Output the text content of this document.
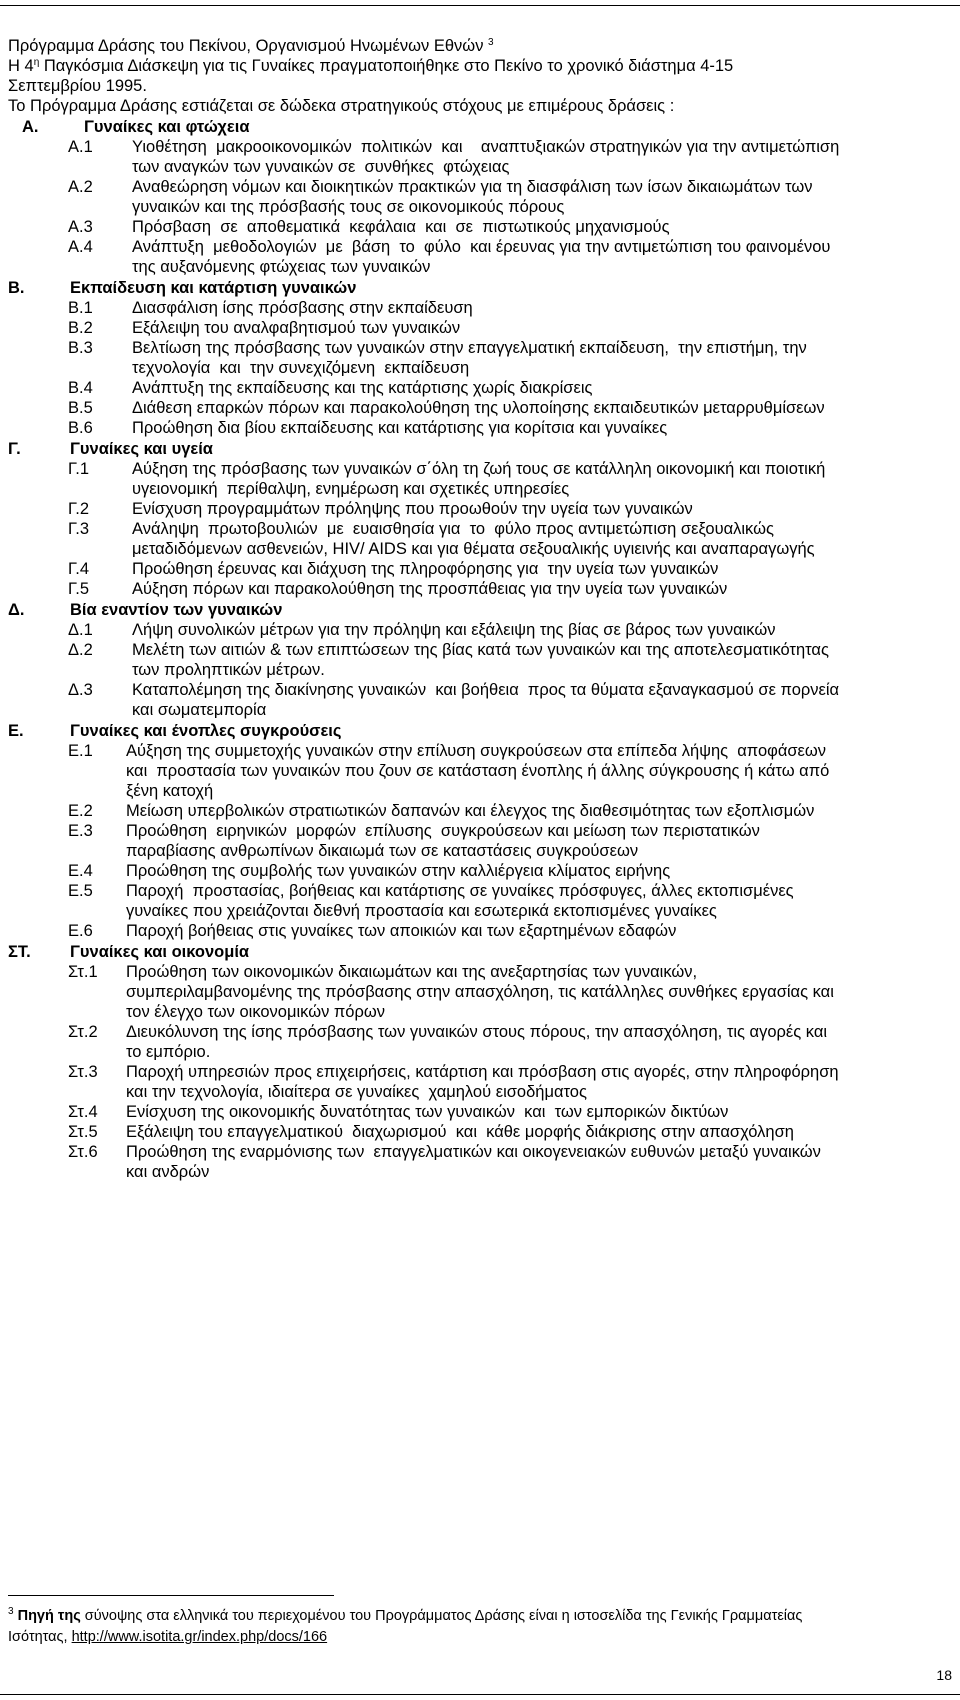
Πρόγραμμα Δράσης του Πεκίνου, Οργανισμού Ηνωμένων Εθνών $^3$
Η $4^\eta$ Παγκόσμια Διάσκεψη για τις Γυναίκες πραγματοποιήθηκε στο Πεκίνο το χρονικό διάστημα 4-15
Σεπτεμβρίου 1995.
Το Πρόγραμμα Δράσης εστιάζεται σε δώδεκα στρατηγικούς στόχους με επιμέρους δράσεις :
Α.	Γυναίκες και φτώχεια
Α.1	Υιοθέτηση  μακροοικονομικών  πολιτικών  και    αναπτυξιακών στρατηγικών για την αντιμετώπιση
των αναγκών των γυναικών σε  συνθήκες  φτώχειας
Α.2	Αναθεώρηση νόμων και διοικητικών πρακτικών για τη διασφάλιση των ίσων δικαιωμάτων των
γυναικών και της πρόσβασής τους σε οικονομικούς πόρους
Α.3	Πρόσβαση  σε  αποθεματικά  κεφάλαια  και  σε  πιστωτικούς μηχανισμούς
Α.4	Ανάπτυξη  μεθοδολογιών  με  βάση  το  φύλο  και έρευνας για την αντιμετώπιση του φαινομένου
της αυξανόμενης φτώχειας των γυναικών
Β.	Εκπαίδευση και κατάρτιση γυναικών
Β.1	Διασφάλιση ίσης πρόσβασης στην εκπαίδευση
Β.2	Εξάλειψη του αναλφαβητισμού των γυναικών
Β.3	Βελτίωση της πρόσβασης των γυναικών στην επαγγελματική εκπαίδευση,  την επιστήμη, την
τεχνολογία  και  την συνεχιζόμενη  εκπαίδευση
Β.4	Ανάπτυξη της εκπαίδευσης και της κατάρτισης χωρίς διακρίσεις
Β.5	Διάθεση επαρκών πόρων και παρακολούθηση της υλοποίησης εκπαιδευτικών μεταρρυθμίσεων
Β.6	Προώθηση δια βίου εκπαίδευσης και κατάρτισης για κορίτσια και γυναίκες
Γ.	Γυναίκες και υγεία
Γ.1	Αύξηση της πρόσβασης των γυναικών σ΄όλη τη ζωή τους σε κατάλληλη οικονομική και ποιοτική
υγειονομική  περίθαλψη, ενημέρωση και σχετικές υπηρεσίες
Γ.2	Ενίσχυση προγραμμάτων πρόληψης που προωθούν την υγεία των γυναικών
Γ.3	Ανάληψη  πρωτοβουλιών  με  ευαισθησία για  το  φύλο προς αντιμετώπιση σεξουαλικώς
μεταδιδόμενων ασθενειών, HIV/ AIDS και για θέματα σεξουαλικής υγιεινής και αναπαραγωγής
Γ.4	Προώθηση έρευνας και διάχυση της πληροφόρησης για  την υγεία των γυναικών
Γ.5	Αύξηση πόρων και παρακολούθηση της προσπάθειας για την υγεία των γυναικών
Δ.	Βία εναντίον των γυναικών
Δ.1	Λήψη συνολικών μέτρων για την πρόληψη και εξάλειψη της βίας σε βάρος των γυναικών
Δ.2	Μελέτη των αιτιών & των επιπτώσεων της βίας κατά των γυναικών και της αποτελεσματικότητας
των προληπτικών μέτρων.
Δ.3	Καταπολέμηση της διακίνησης γυναικών  και βοήθεια  προς τα θύματα εξαναγκασμού σε πορνεία
και σωματεμπορία
Ε.	Γυναίκες και ένοπλες συγκρούσεις
Ε.1	Αύξηση της συμμετοχής γυναικών στην επίλυση συγκρούσεων στα επίπεδα λήψης  αποφάσεων
και  προστασία των γυναικών που ζουν σε κατάσταση ένοπλης ή άλλης σύγκρουσης ή κάτω από
ξένη κατοχή
Ε.2	Μείωση υπερβολικών στρατιωτικών δαπανών και έλεγχος της διαθεσιμότητας των εξοπλισμών
Ε.3	Προώθηση  ειρηνικών  μορφών  επίλυσης  συγκρούσεων και μείωση των περιστατικών
παραβίασης ανθρωπίνων δικαιωμά των σε καταστάσεις συγκρούσεων
Ε.4	Προώθηση της συμβολής των γυναικών στην καλλιέργεια κλίματος ειρήνης
Ε.5	Παροχή  προστασίας, βοήθειας και κατάρτισης σε γυναίκες πρόσφυγες, άλλες εκτοπισμένες
γυναίκες που χρειάζονται διεθνή προστασία και εσωτερικά εκτοπισμένες γυναίκες
Ε.6	Παροχή βοήθειας στις γυναίκες των αποικιών και των εξαρτημένων εδαφών
ΣΤ.	Γυναίκες και οικονομία
Στ.1	Προώθηση των οικονομικών δικαιωμάτων και της ανεξαρτησίας των γυναικών,
συμπεριλαμβανομένης της πρόσβασης στην απασχόληση, τις κατάλληλες συνθήκες εργασίας και
τον έλεγχο των οικονομικών πόρων
Στ.2	Διευκόλυνση της ίσης πρόσβασης των γυναικών στους πόρους, την απασχόληση, τις αγορές και
το εμπόριο.
Στ.3	Παροχή υπηρεσιών προς επιχειρήσεις, κατάρτιση και πρόσβαση στις αγορές, στην πληροφόρηση
και την τεχνολογία, ιδιαίτερα σε γυναίκες  χαμηλού εισοδήματος
Στ.4	Ενίσχυση της οικονομικής δυνατότητας των γυναικών  και  των εμπορικών δικτύων
Στ.5	Εξάλειψη του επαγγελματικού  διαχωρισμού  και  κάθε μορφής διάκρισης στην απασχόληση
Στ.6	Προώθηση της εναρμόνισης των  επαγγελματικών και οικογενειακών ευθυνών μεταξύ γυναικών
και ανδρών
$^3$ Πηγή της σύνοψης στα ελληνικά του περιεχομένου του Προγράμματος Δράσης είναι η ιστοσελίδα της Γενικής Γραμματείας
Ισότητας, http://www.isotita.gr/index.php/docs/166
18
